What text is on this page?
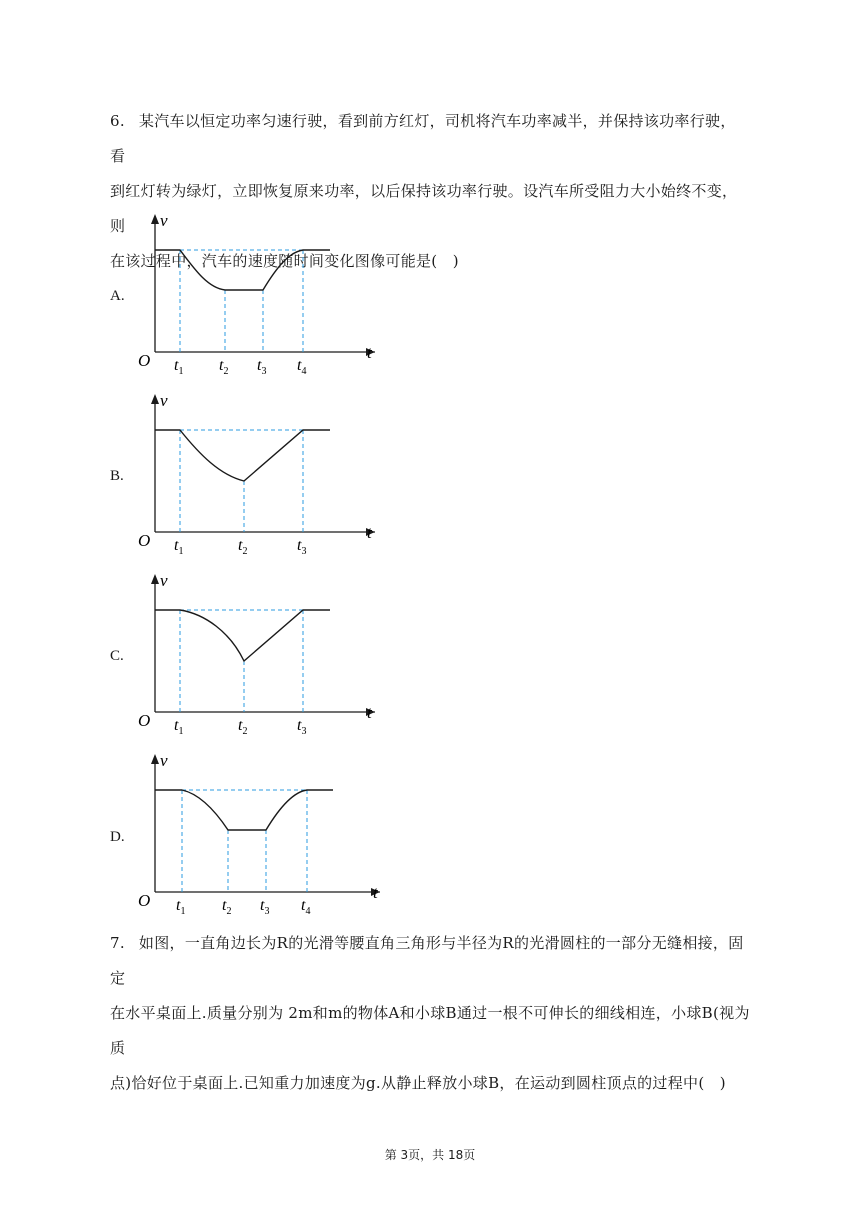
6. 某汽车以恒定功率匀速行驶，看到前方红灯，司机将汽车功率减半，并保持该功率行驶，看
到红灯转为绿灯，立即恢复原来功率，以后保持该功率行驶。设汽车所受阻力大小始终不变，则
在该过程中，汽车的速度随时间变化图像可能是( )
A.
v
t
O $t_1$ $t_2$ $t_3$ $t_4$
B.
v
t
O $t_1$	$t_2$	$t_3$
C.
v
t
O $t_1$	$t_2$	$t_3$
D.
v
t
O $t_1$ $t_2$ $t_3$ $t_4$
7. 如图，一直角边长为R的光滑等腰直角三角形与半径为R的光滑圆柱的一部分无缝相接，固定
在水平桌面上.质量分别为 2m和m的物体A和小球B通过一根不可伸长的细线相连，小球B(视为质
点)恰好位于桌面上.已知重力加速度为g.从静止释放小球B，在运动到圆柱顶点的过程中( )
第 3页，共 18页
